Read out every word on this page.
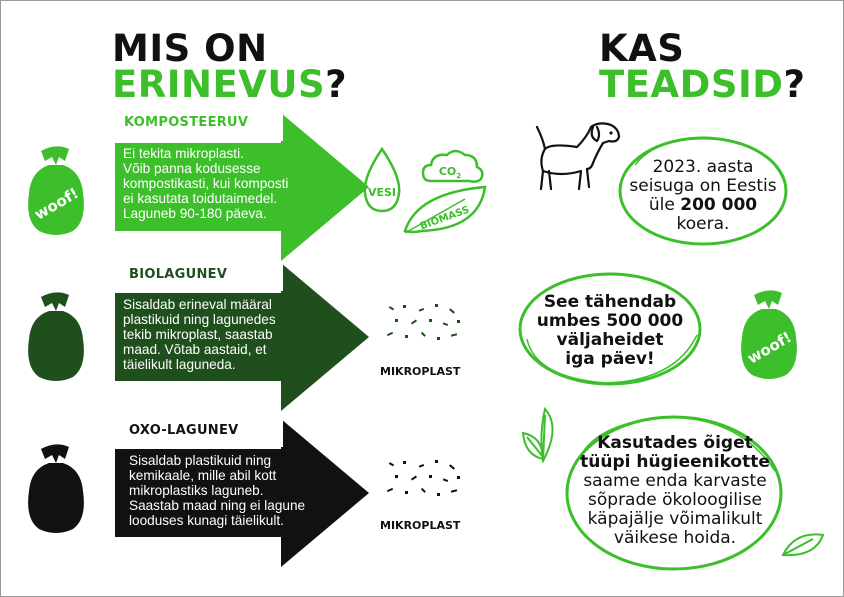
MIS ON
ERINEVUS?
KAS
TEADSID?
woof!
KOMPOSTEERUV
Ei tekita mikroplasti.
Võib panna kodusesse
kompostikasti, kui komposti
ei kasutata toidutaimedel.
Laguneb 90-180 päeva.
VESI
$CO_2$
BIOMASS
BIOLAGUNEV
Sisaldab erineval määral
plastikuid ning lagunedes
tekib mikroplast, saastab
maad. Võtab aastaid, et
täielikult laguneda.	MIKROPLAST
OXO-LAGUNEV
Sisaldab plastikuid ning
kemikaale, mille abil kott
mikroplastiks laguneb.
Saastab maad ning ei lagune
looduses kunagi täielikult.	MIKROPLAST
2023. aasta
seisuga on Eestis
üle 200 000
koera.
See tähendab
umbes 500 000
väljaheidet
iga päev!	woof!
Kasutades õiget
tüüpi hügieenikotte
saame enda karvaste
sõprade ökoloogilise
käpajälje võimalikult
väikese hoida.
